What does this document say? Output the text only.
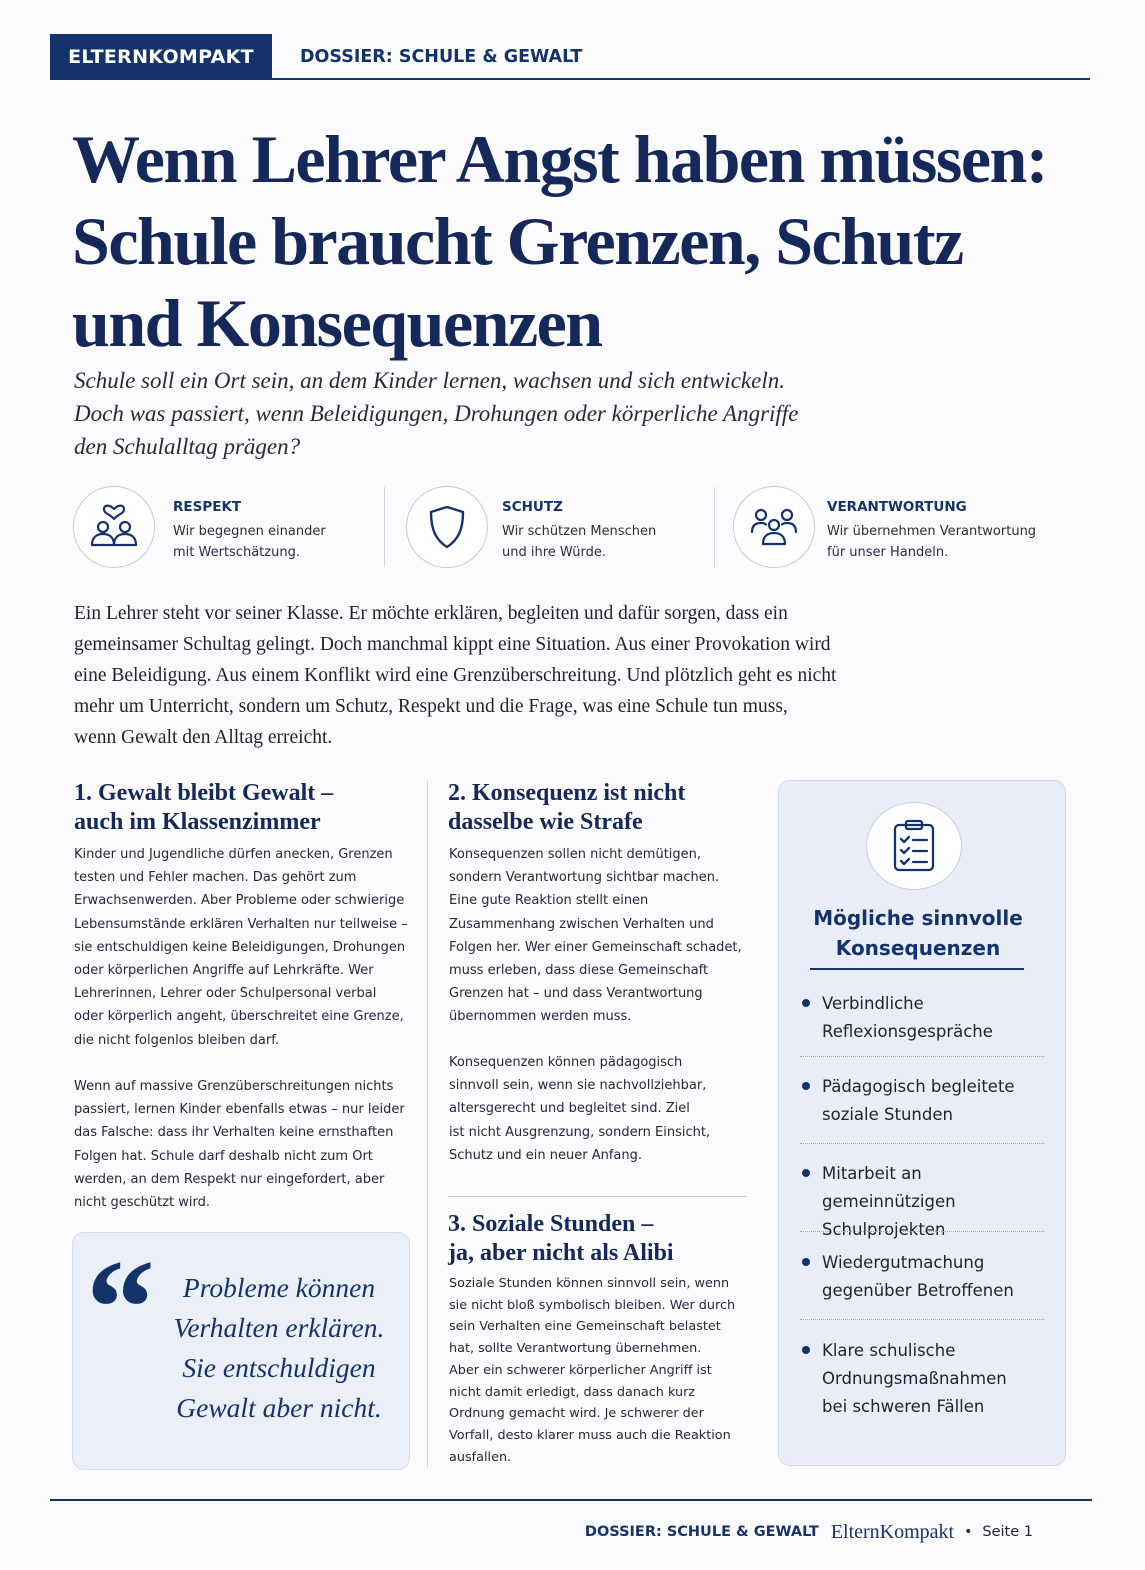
ELTERNKOMPAKT	DOSSIER: SCHULE & GEWALT
Wenn Lehrer Angst haben müssen:
Schule braucht Grenzen, Schutz
und Konsequenzen
Schule soll ein Ort sein, an dem Kinder lernen, wachsen und sich entwickeln.
Doch was passiert, wenn Beleidigungen, Drohungen oder körperliche Angriffe
den Schulalltag prägen?
RESPEKT
Wir begegnen einander
mit Wertschätzung.
SCHUTZ
Wir schützen Menschen
und ihre Würde.
VERANTWORTUNG
Wir übernehmen Verantwortung
für unser Handeln.
Ein Lehrer steht vor seiner Klasse. Er möchte erklären, begleiten und dafür sorgen, dass ein
gemeinsamer Schultag gelingt. Doch manchmal kippt eine Situation. Aus einer Provokation wird
eine Beleidigung. Aus einem Konflikt wird eine Grenzüberschreitung. Und plötzlich geht es nicht
mehr um Unterricht, sondern um Schutz, Respekt und die Frage, was eine Schule tun muss,
wenn Gewalt den Alltag erreicht.
1. Gewalt bleibt Gewalt –
auch im Klassenzimmer
Kinder und Jugendliche dürfen anecken, Grenzen
testen und Fehler machen. Das gehört zum
Erwachsenwerden. Aber Probleme oder schwierige
Lebensumstände erklären Verhalten nur teilweise –
sie entschuldigen keine Beleidigungen, Drohungen
oder körperlichen Angriffe auf Lehrkräfte. Wer
Lehrerinnen, Lehrer oder Schulpersonal verbal
oder körperlich angeht, überschreitet eine Grenze,
die nicht folgenlos bleiben darf.
Wenn auf massive Grenzüberschreitungen nichts
passiert, lernen Kinder ebenfalls etwas – nur leider
das Falsche: dass ihr Verhalten keine ernsthaften
Folgen hat. Schule darf deshalb nicht zum Ort
werden, an dem Respekt nur eingefordert, aber
nicht geschützt wird.
“	Probleme können
Verhalten erklären.
Sie entschuldigen
Gewalt aber nicht.
2. Konsequenz ist nicht
dasselbe wie Strafe
Konsequenzen sollen nicht demütigen,
sondern Verantwortung sichtbar machen.
Eine gute Reaktion stellt einen
Zusammenhang zwischen Verhalten und
Folgen her. Wer einer Gemeinschaft schadet,
muss erleben, dass diese Gemeinschaft
Grenzen hat – und dass Verantwortung
übernommen werden muss.
Konsequenzen können pädagogisch
sinnvoll sein, wenn sie nachvollziehbar,
altersgerecht und begleitet sind. Ziel
ist nicht Ausgrenzung, sondern Einsicht,
Schutz und ein neuer Anfang.
3. Soziale Stunden –
ja, aber nicht als Alibi
Soziale Stunden können sinnvoll sein, wenn
sie nicht bloß symbolisch bleiben. Wer durch
sein Verhalten eine Gemeinschaft belastet
hat, sollte Verantwortung übernehmen.
Aber ein schwerer körperlicher Angriff ist
nicht damit erledigt, dass danach kurz
Ordnung gemacht wird. Je schwerer der
Vorfall, desto klarer muss auch die Reaktion
ausfallen.
Mögliche sinnvolle
Konsequenzen
Verbindliche
Reflexionsgespräche
Pädagogisch begleitete
soziale Stunden
Mitarbeit an gemeinnützigen
Schulprojekten
Wiedergutmachung
gegenüber Betroffenen
Klare schulische
Ordnungsmaßnahmen
bei schweren Fällen
DOSSIER: SCHULE & GEWALT ElternKompakt • Seite 1
